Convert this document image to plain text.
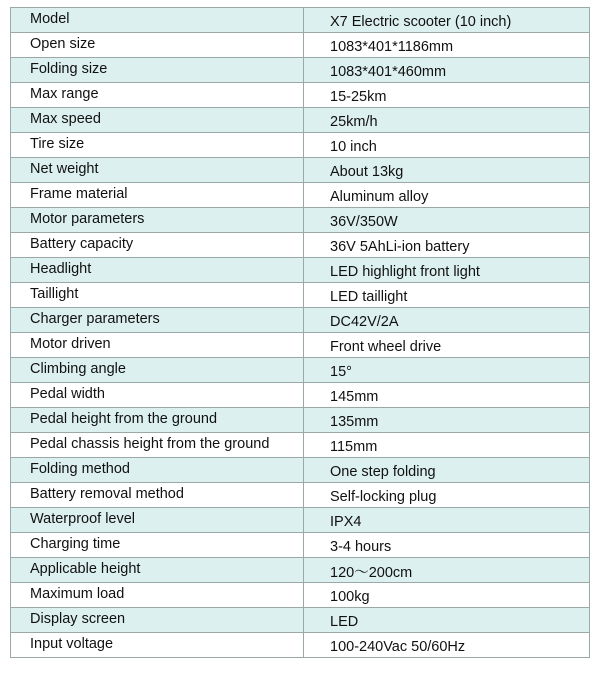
Model	X7 Electric scooter (10 inch)
Open size	1083*401*1186mm
Folding size	1083*401*460mm
Max range	15-25km
Max speed	25km/h
Tire size	10 inch
Net weight	About 13kg
Frame material	Aluminum alloy
Motor parameters	36V/350W
Battery capacity	36V 5AhLi-ion battery
Headlight	LED highlight front light
Taillight	LED taillight
Charger parameters	DC42V/2A
Motor driven	Front wheel drive
Climbing angle	15°
Pedal width	145mm
Pedal height from the ground	135mm
Pedal chassis height from the ground	115mm
Folding method	One step folding
Battery removal method	Self-locking plug
Waterproof level	IPX4
Charging time	3-4 hours
Applicable height	120～200cm
Maximum load	100kg
Display screen	LED
Input voltage	100-240Vac 50/60Hz
